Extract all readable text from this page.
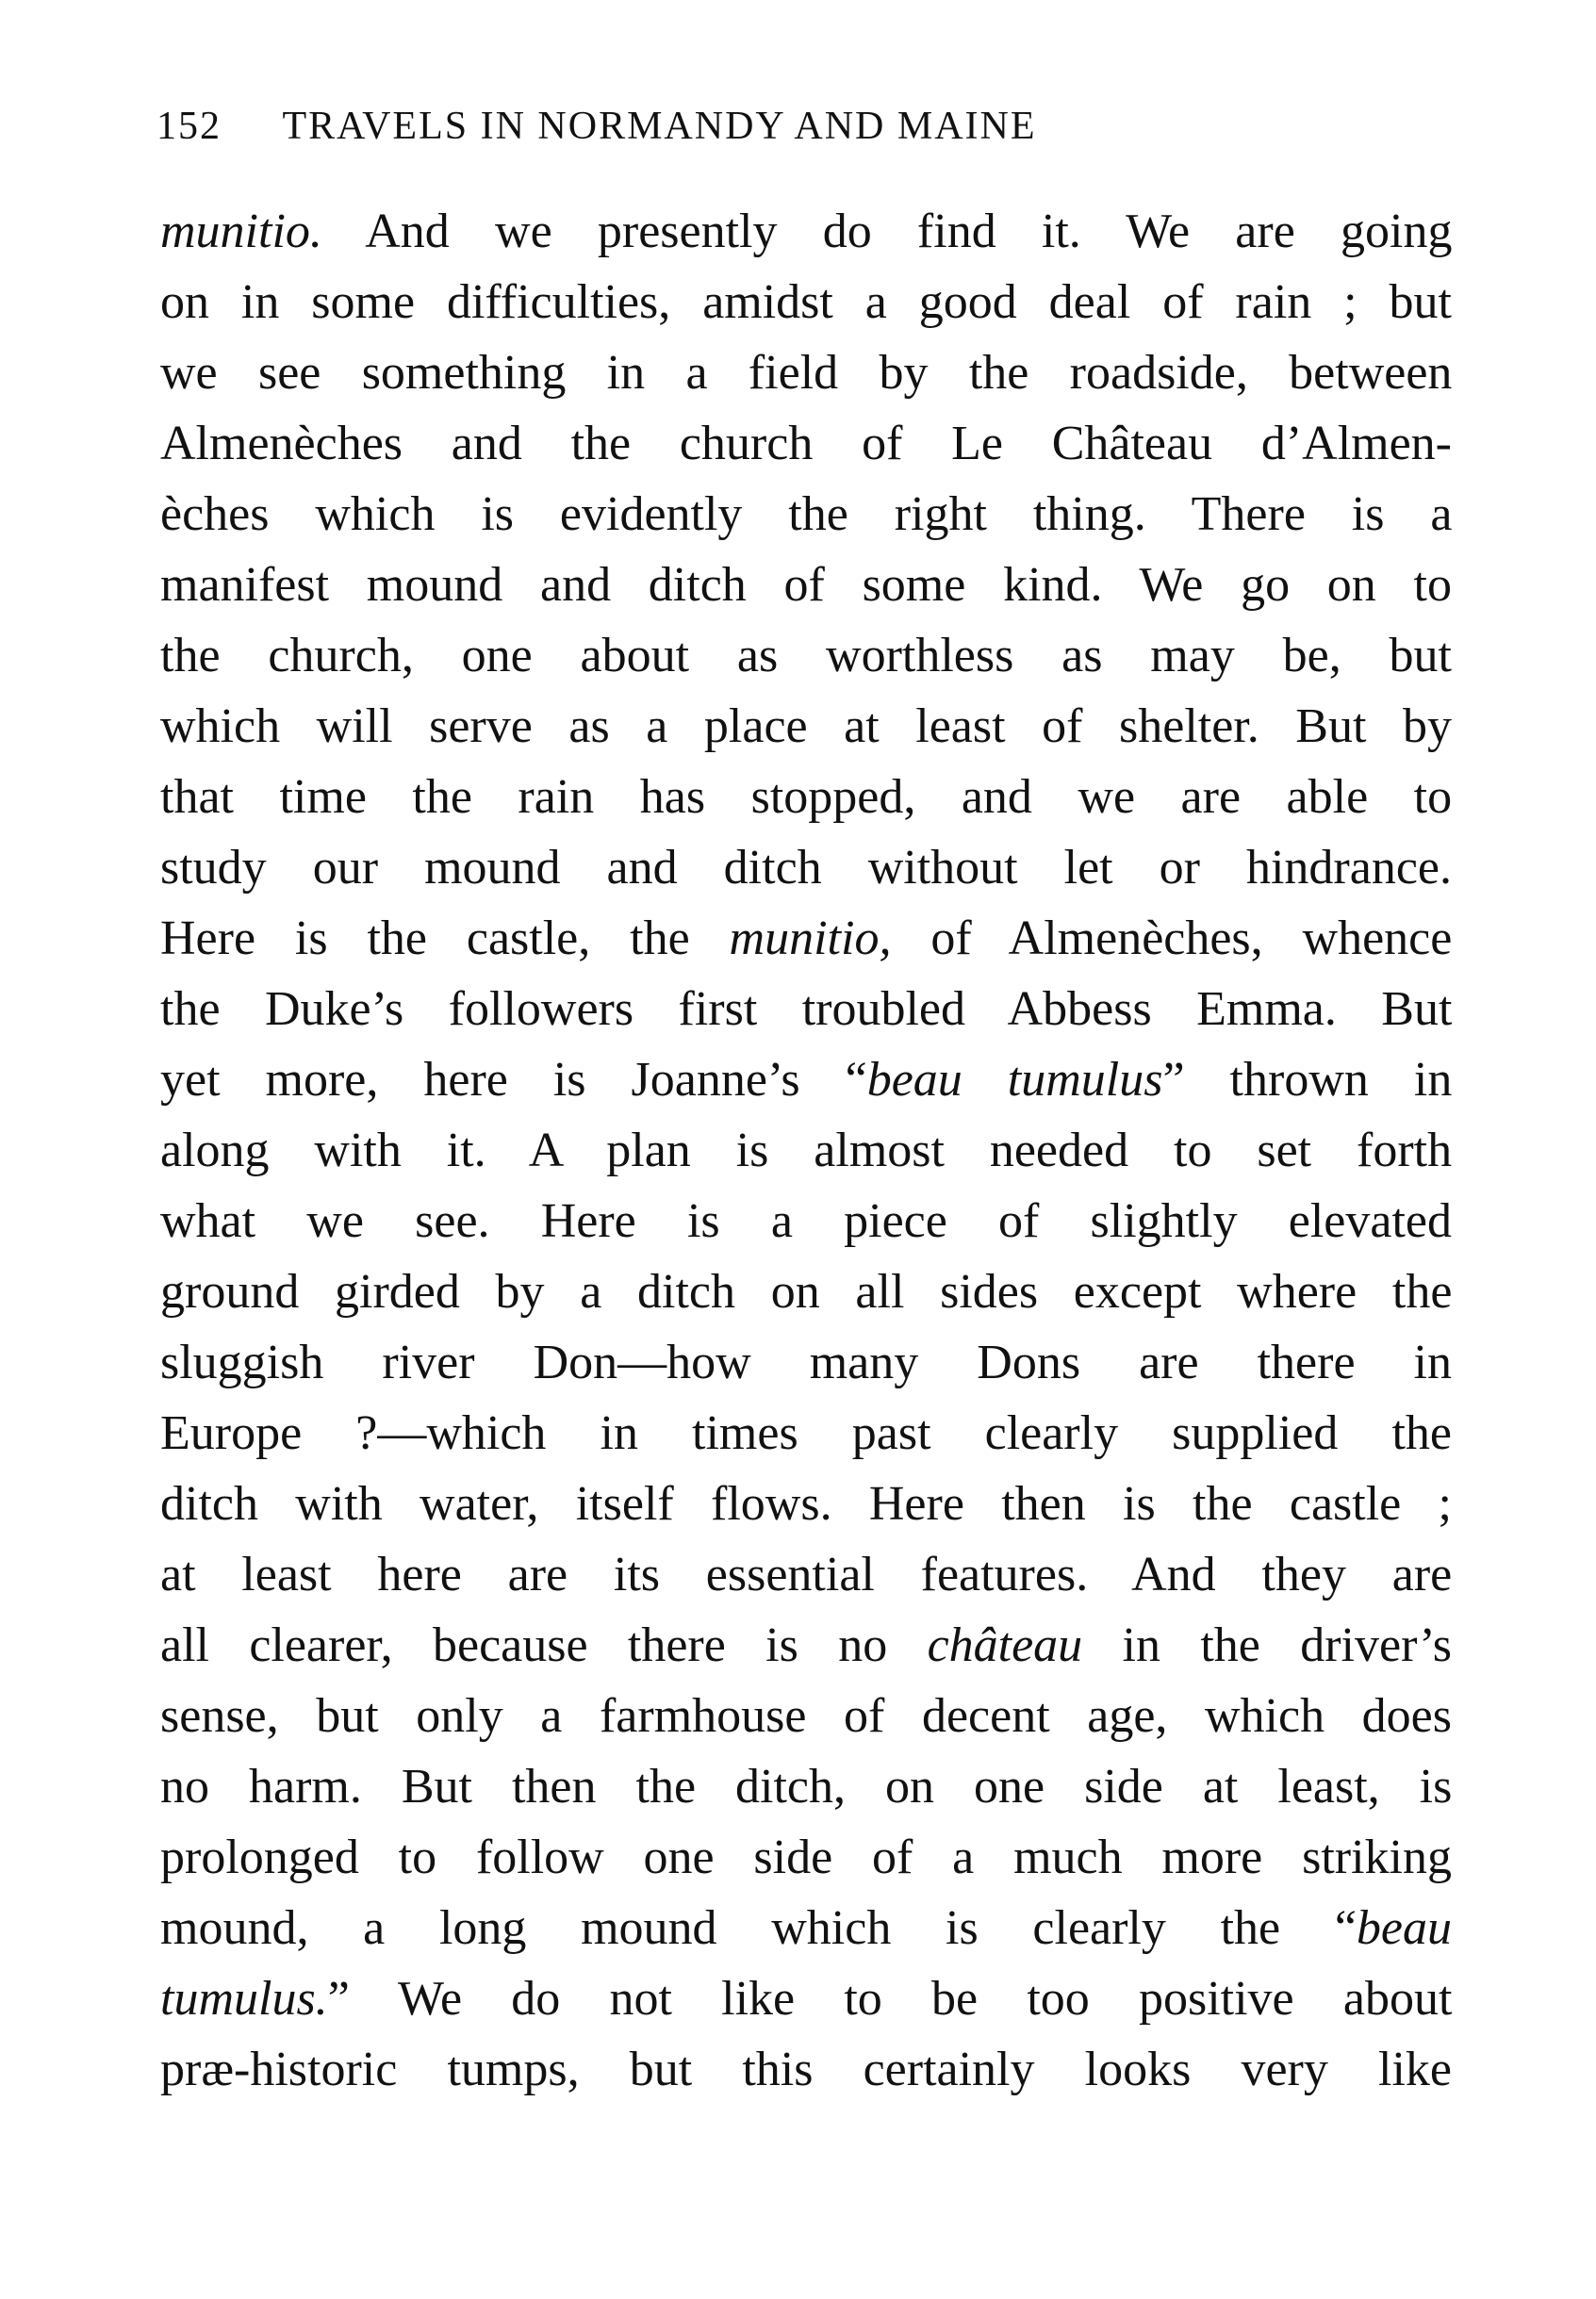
152 TRAVELS IN NORMANDY AND MAINE
munitio. And we presently do find it. We are going
on in some difficulties, amidst a good deal of rain ; but
we see something in a field by the roadside, between
Almenèches and the church of Le Château d’Almen-
èches which is evidently the right thing. There is a
manifest mound and ditch of some kind. We go on to
the church, one about as worthless as may be, but
which will serve as a place at least of shelter. But by
that time the rain has stopped, and we are able to
study our mound and ditch without let or hindrance.
Here is the castle, the munitio, of Almenèches, whence
the Duke’s followers first troubled Abbess Emma. But
yet more, here is Joanne’s “beau tumulus” thrown in
along with it. A plan is almost needed to set forth
what we see. Here is a piece of slightly elevated
ground girded by a ditch on all sides except where the
sluggish river Don—how many Dons are there in
Europe ?—which in times past clearly supplied the
ditch with water, itself flows. Here then is the castle ;
at least here are its essential features. And they are
all clearer, because there is no château in the driver’s
sense, but only a farmhouse of decent age, which does
no harm. But then the ditch, on one side at least, is
prolonged to follow one side of a much more striking
mound, a long mound which is clearly the “beau
tumulus.” We do not like to be too positive about
præ-historic tumps, but this certainly looks very like
